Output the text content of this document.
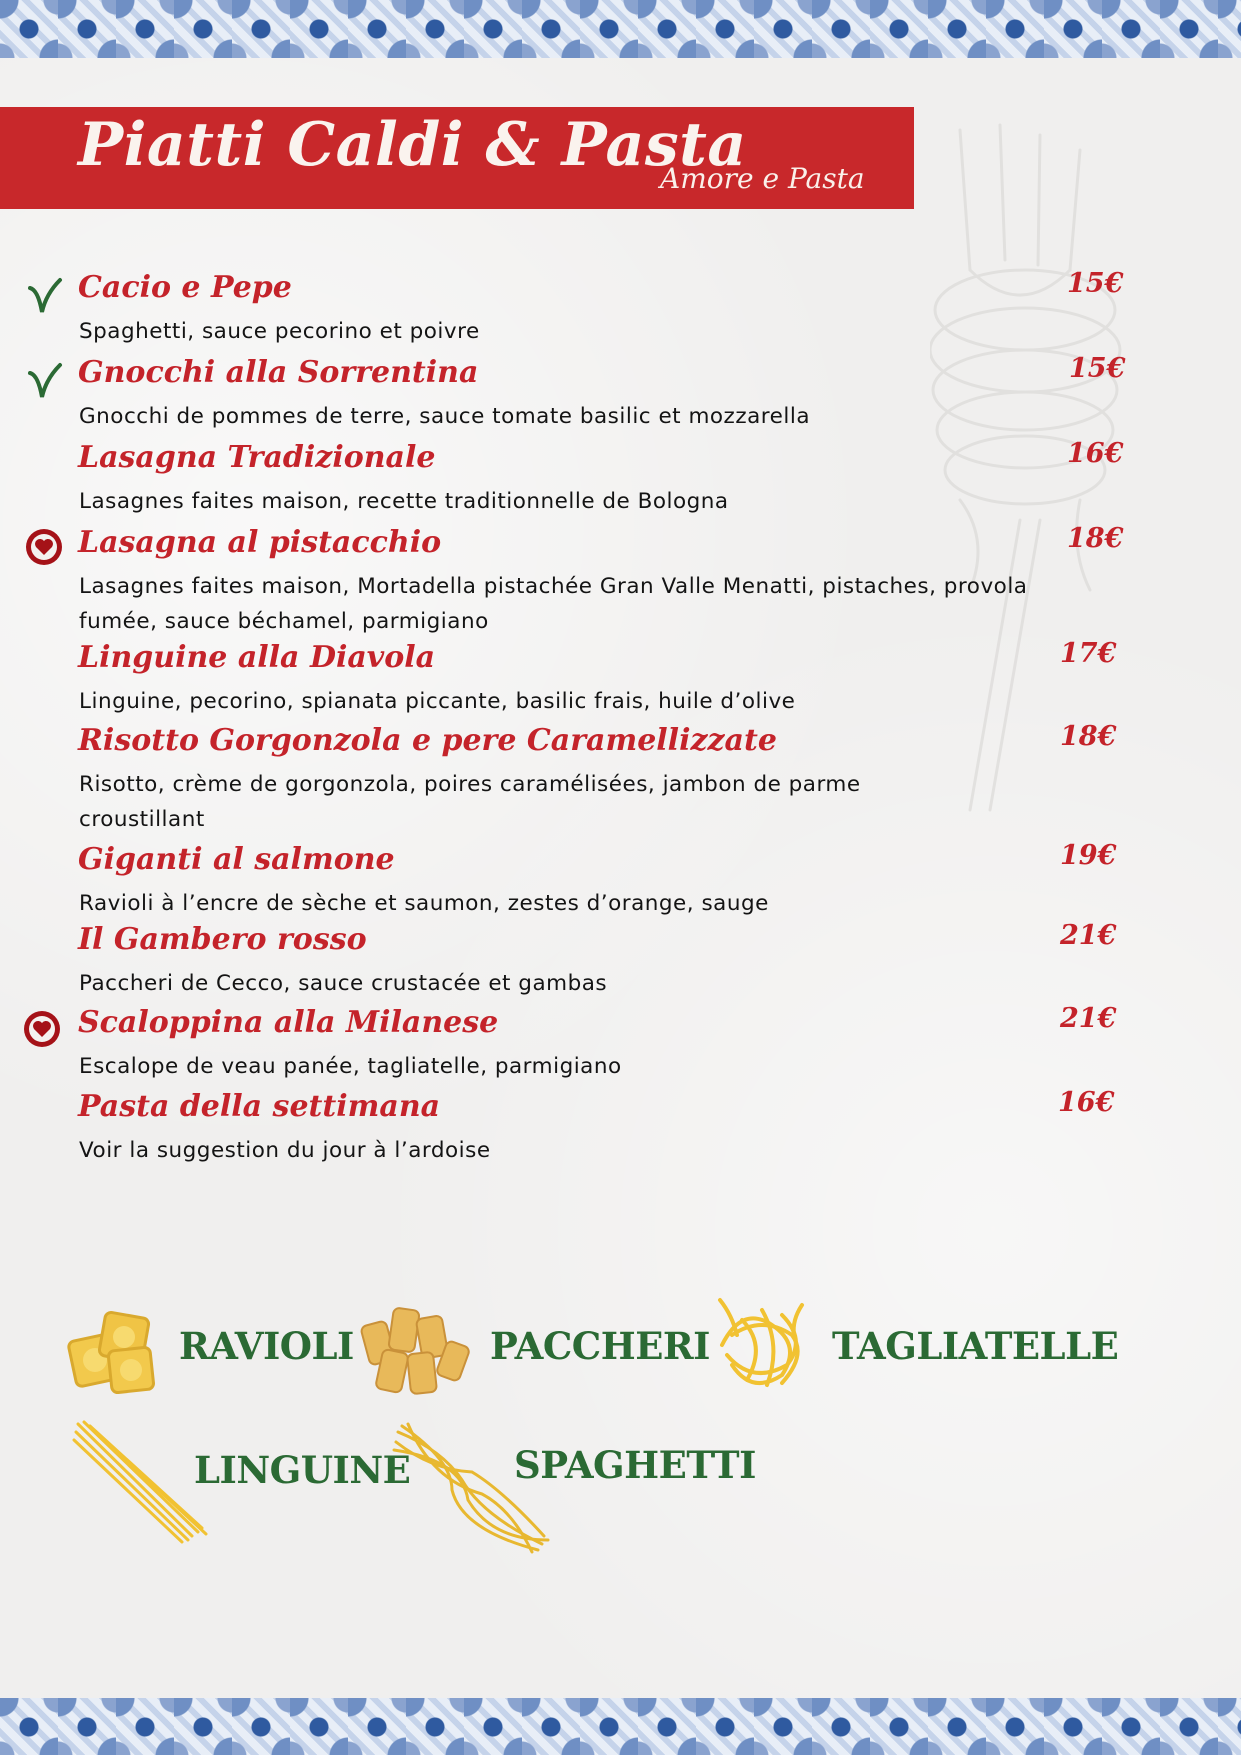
Piatti Caldi & Pasta
Amore e Pasta
Cacio e Pepe	15€
Spaghetti, sauce pecorino et poivre
Gnocchi alla Sorrentina	15€
Gnocchi de pommes de terre, sauce tomate basilic et mozzarella
Lasagna Tradizionale	16€
Lasagnes faites maison, recette traditionnelle de Bologna
Lasagna al pistacchio	18€
Lasagnes faites maison, Mortadella pistachée Gran Valle Menatti, pistaches, provola fumée, sauce béchamel, parmigiano
Linguine alla Diavola	17€
Linguine, pecorino, spianata piccante, basilic frais, huile d’olive
Risotto Gorgonzola e pere Caramellizzate	18€
Risotto, crème de gorgonzola, poires caramélisées, jambon de parme croustillant
Giganti al salmone	19€
Ravioli à l’encre de sèche et saumon, zestes d’orange, sauge
Il Gambero rosso	21€
Paccheri de Cecco, sauce crustacée et gambas
Scaloppina alla Milanese	21€
Escalope de veau panée, tagliatelle, parmigiano
Pasta della settimana	16€
Voir la suggestion du jour à l’ardoise
RAVIOLI	PACCHERI	TAGLIATELLE
LINGUINE	SPAGHETTI
